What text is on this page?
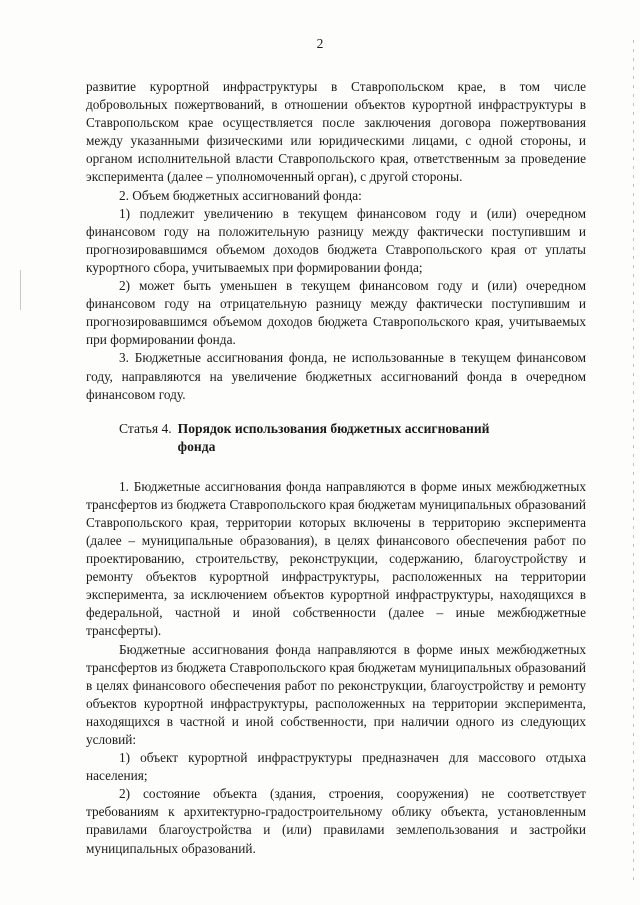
2

развитие курортной инфраструктуры в Ставропольском крае, в том числе добровольных пожертвований, в отношении объектов курортной инфраструктуры в Ставропольском крае осуществляется после заключения договора пожертвования между указанными физическими или юридическими лицами, с одной стороны, и органом исполнительной власти Ставропольского края, ответственным за проведение эксперимента (далее – уполномоченный орган), с другой стороны.

2. Объем бюджетных ассигнований фонда:

1) подлежит увеличению в текущем финансовом году и (или) очередном финансовом году на положительную разницу между фактически поступившим и прогнозировавшимся объемом доходов бюджета Ставропольского края от уплаты курортного сбора, учитываемых при формировании фонда;

2) может быть уменьшен в текущем финансовом году и (или) очередном финансовом году на отрицательную разницу между фактически поступившим и прогнозировавшимся объемом доходов бюджета Ставропольского края, учитываемых при формировании фонда.

3. Бюджетные ассигнования фонда, не использованные в текущем финансовом году, направляются на увеличение бюджетных ассигнований фонда в очередном финансовом году.

Статья 4. Порядок использования бюджетных ассигнований фонда

1. Бюджетные ассигнования фонда направляются в форме иных межбюджетных трансфертов из бюджета Ставропольского края бюджетам муниципальных образований Ставропольского края, территории которых включены в территорию эксперимента (далее – муниципальные образования), в целях финансового обеспечения работ по проектированию, строительству, реконструкции, содержанию, благоустройству и ремонту объектов курортной инфраструктуры, расположенных на территории эксперимента, за исключением объектов курортной инфраструктуры, находящихся в федеральной, частной и иной собственности (далее – иные межбюджетные трансферты).

Бюджетные ассигнования фонда направляются в форме иных межбюджетных трансфертов из бюджета Ставропольского края бюджетам муниципальных образований в целях финансового обеспечения работ по реконструкции, благоустройству и ремонту объектов курортной инфраструктуры, расположенных на территории эксперимента, находящихся в частной и иной собственности, при наличии одного из следующих условий:

1) объект курортной инфраструктуры предназначен для массового отдыха населения;

2) состояние объекта (здания, строения, сооружения) не соответствует требованиям к архитектурно-градостроительному облику объекта, установленным правилами благоустройства и (или) правилами землепользования и застройки муниципальных образований.
